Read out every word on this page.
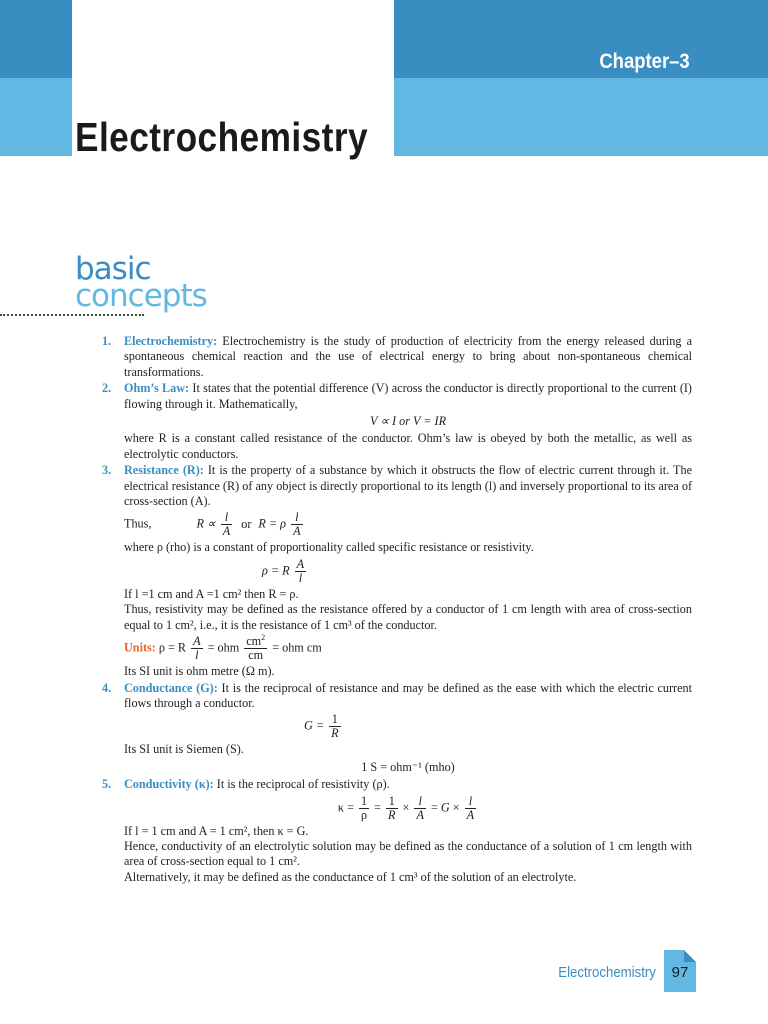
Chapter–3
Electrochemistry
basic
concepts
1. Electrochemistry: Electrochemistry is the study of production of electricity from the energy released during a spontaneous chemical reaction and the use of electrical energy to bring about non-spontaneous chemical transformations.

2. Ohm’s Law: It states that the potential difference (V) across the conductor is directly proportional to the current (I) flowing through it. Mathematically,

V ∝ I or V = IR

where R is a constant called resistance of the conductor. Ohm’s law is obeyed by both the metallic, as well as electrolytic conductors.

3. Resistance (R): It is the property of a substance by which it obstructs the flow of electric current through it. The electrical resistance (R) of any object is directly proportional to its length (l) and inversely proportional to its area of cross-section (A).

Thus,	$R \propto \frac{l}{A}$ or R = ρ $\frac{l}{A}$

where ρ (rho) is a constant of proportionality called specific resistance or resistivity.

ρ = R $\frac{A}{l}$

If l =1 cm and A =1 cm² then R = ρ.

Thus, resistivity may be defined as the resistance offered by a conductor of 1 cm length with area of cross-section equal to 1 cm², i.e., it is the resistance of 1 cm³ of the conductor.

Units: ρ = R $\frac{A}{l}$ = ohm $\frac{cm^2}{cm}$ = ohm cm

Its SI unit is ohm metre (Ω m).

4. Conductance (G): It is the reciprocal of resistance and may be defined as the ease with which the electric current flows through a conductor.

$G = \frac{1}{R}$

Its SI unit is Siemen (S).

1 S = ohm⁻¹ (mho)

5. Conductivity (κ): It is the reciprocal of resistivity (ρ).

$\kappa = \frac{1}{\rho} = \frac{1}{R} \times \frac{l}{A} = G \times \frac{l}{A}$

If l = 1 cm and A = 1 cm², then κ = G.

Hence, conductivity of an electrolytic solution may be defined as the conductance of a solution of 1 cm length with area of cross-section equal to 1 cm².

Alternatively, it may be defined as the conductance of 1 cm³ of the solution of an electrolyte.

Electrochemistry	97
